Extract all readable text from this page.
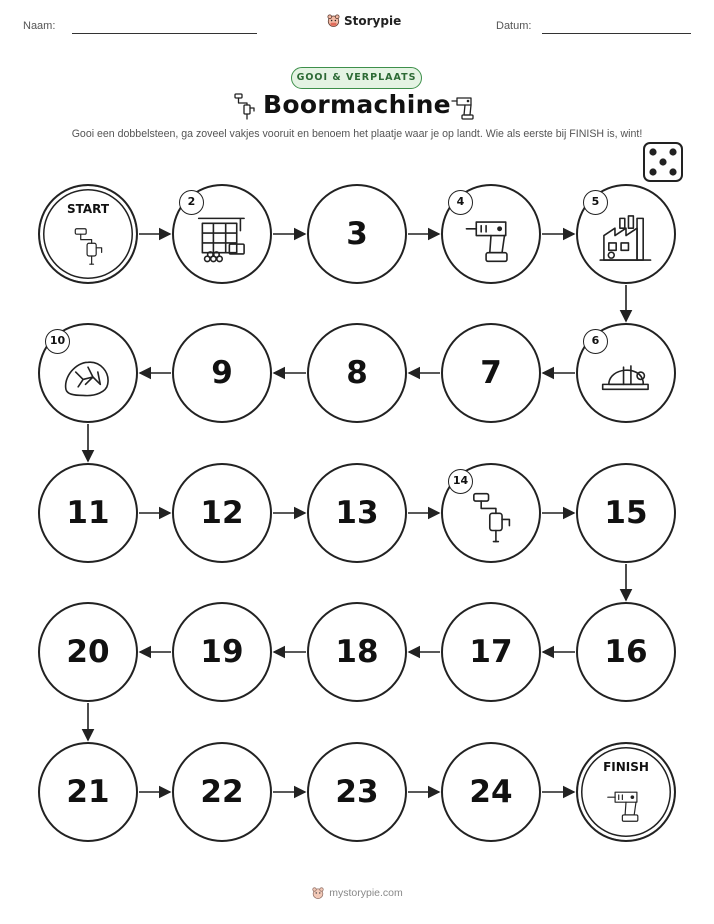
Naam:	Storypie	Datum:
GOOI & VERPLAATS
Boormachine
Gooi een dobbelsteen, ga zoveel vakjes vooruit en benoem het plaatje waar je op landt. Wie als eerste bij FINISH is, wint!
START
2
3
4	5
6
7
8
9
10
11	12	13
14
15
16
17
18
19
20
21	22	23	24
FINISH
mystorypie.com
